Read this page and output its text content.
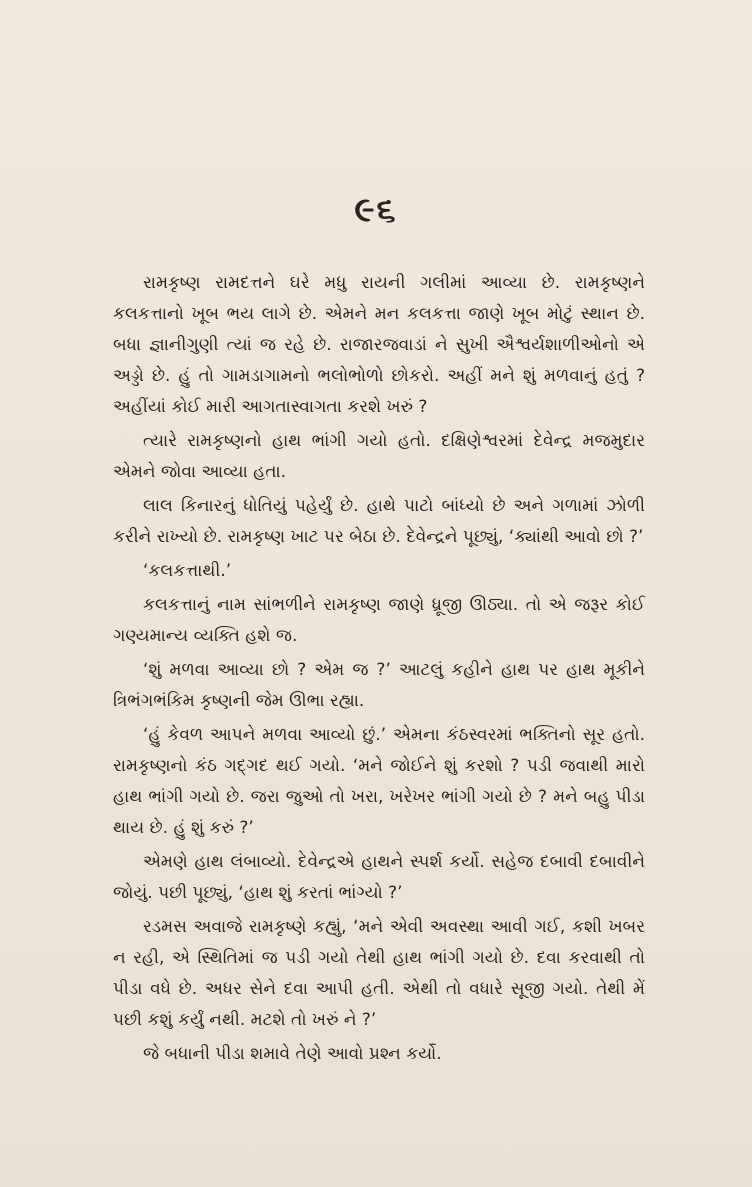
૯૬

રામકૃષ્ણ રામદત્તને ઘરે મધુ રાયની ગલીમાં આવ્યા છે. રામકૃષ્ણને કલકત્તાનો ખૂબ ભય લાગે છે. એમને મન કલકત્તા જાણે ખૂબ મોટું સ્થાન છે. બધા જ્ઞાનીગુણી ત્યાં જ રહે છે. રાજારજવાડાં ને સુખી ઐશ્વર્યશાળીઓનો એ અડ્ડો છે. હું તો ગામડાગામનો ભલોભોળો છોકરો. અહીં મને શું મળવાનું હતું ? અહીંયાં કોઈ મારી આગતાસ્વાગતા કરશે ખરું ?

ત્યારે રામકૃષ્ણનો હાથ ભાંગી ગયો હતો. દક્ષિણેશ્વરમાં દેવેન્દ્ર મજમુદાર એમને જોવા આવ્યા હતા.

લાલ કિનારનું ધોતિયું પહેર્યું છે. હાથે પાટો બાંધ્યો છે અને ગળામાં ઝોળી કરીને રાખ્યો છે. રામકૃષ્ણ ખાટ પર બેઠા છે. દેવેન્દ્રને પૂછ્યું, ‘ક્યાંથી આવો છો ?’

‘કલકત્તાથી.’

કલકત્તાનું નામ સાંભળીને રામકૃષ્ણ જાણે ધ્રૂજી ઊઠ્યા. તો એ જરૂર કોઈ ગણ્યમાન્ય વ્યક્તિ હશે જ.

‘શું મળવા આવ્યા છો ? એમ જ ?’ આટલું કહીને હાથ પર હાથ મૂકીને ત્રિભંગભંકિમ કૃષ્ણની જેમ ઊભા રહ્યા.

‘હું કેવળ આપને મળવા આવ્યો છું.’ એમના કંઠસ્વરમાં ભક્તિનો સૂર હતો. રામકૃષ્ણનો કંઠ ગદ્ગદ થઈ ગયો. ‘મને જોઈને શું કરશો ? પડી જવાથી મારો હાથ ભાંગી ગયો છે. જરા જુઓ તો ખરા, ખરેખર ભાંગી ગયો છે ? મને બહુ પીડા થાય છે. હું શું કરું ?’

એમણે હાથ લંબાવ્યો. દેવેન્દ્રએ હાથને સ્પર્શ કર્યો. સહેજ દબાવી દબાવીને જોયું. પછી પૂછ્યું, ‘હાથ શું કરતાં ભાંગ્યો ?’

રડમસ અવાજે રામકૃષ્ણે કહ્યું, ‘મને એવી અવસ્થા આવી ગઈ, કશી ખબર ન રહી, એ સ્થિતિમાં જ પડી ગયો તેથી હાથ ભાંગી ગયો છે. દવા કરવાથી તો પીડા વધે છે. અધર સેને દવા આપી હતી. એથી તો વધારે સૂજી ગયો. તેથી મેં પછી કશું કર્યું નથી. મટશે તો ખરું ને ?’

જે બધાની પીડા શમાવે તેણે આવો પ્રશ્ન કર્યો.
